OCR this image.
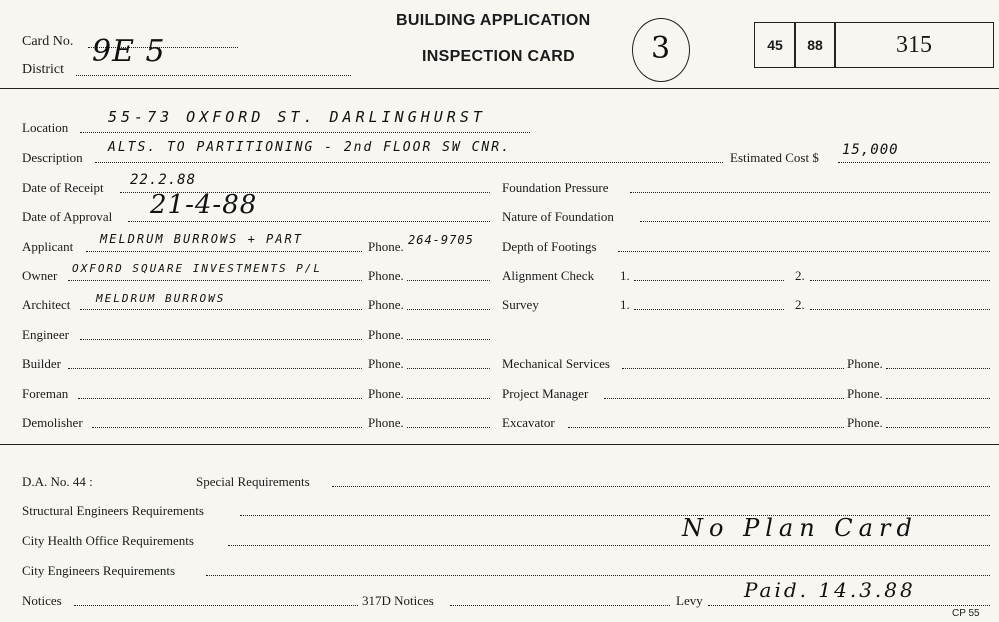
Card No.
District
9E 5
BUILDING APPLICATION
INSPECTION CARD	3	45	88	315
Location
55-73 OXFORD ST. DARLINGHURST
Description
ALTS. TO PARTITIONING - 2nd FLOOR SW CNR.
Estimated Cost $ 15,000
Date of Receipt 22.2.88
Date of Approval 21-4-88
Applicant MELDRUM BURROWS + PART	Phone. 264-9705
Owner OXFORD SQUARE INVESTMENTS P/L	Phone.
Architect MELDRUM BURROWS	Phone.
Engineer	Phone.
Builder	Phone.
Foreman	Phone.
Demolisher	Phone.
Foundation Pressure
Nature of Foundation
Depth of Footings
Alignment Check 1.	2.
Survey	1.	2.
Mechanical Services	Phone.
Project Manager	Phone.
Excavator	Phone.
D.A. No. 44 :	Special Requirements
Structural Engineers Requirements
City Health Office Requirements	No Plan Card
City Engineers Requirements
Notices	317D Notices	Levy Paid. 14.3.88
CP 55
